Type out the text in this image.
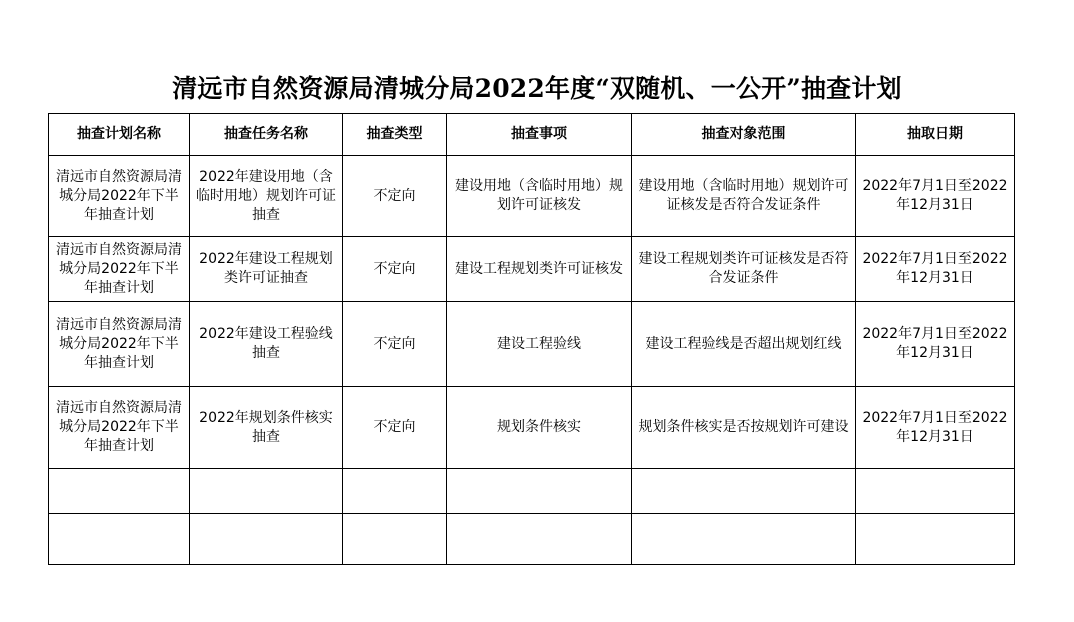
清远市自然资源局清城分局2022年度“双随机、一公开”抽查计划
抽查计划名称	抽查任务名称	抽查类型	抽查事项	抽查对象范围	抽取日期
清远市自然资源局清城分局2022年下半年抽查计划	2022年建设用地（含临时用地）规划许可证抽查	不定向	建设用地（含临时用地）规划许可证核发	建设用地（含临时用地）规划许可证核发是否符合发证条件	2022年7月1日至2022年12月31日
清远市自然资源局清城分局2022年下半年抽查计划	2022年建设工程规划类许可证抽查	不定向	建设工程规划类许可证核发	建设工程规划类许可证核发是否符合发证条件	2022年7月1日至2022年12月31日
清远市自然资源局清城分局2022年下半年抽查计划	2022年建设工程验线抽查	不定向	建设工程验线	建设工程验线是否超出规划红线	2022年7月1日至2022年12月31日
清远市自然资源局清城分局2022年下半年抽查计划	2022年规划条件核实抽查	不定向	规划条件核实	规划条件核实是否按规划许可建设	2022年7月1日至2022年12月31日
